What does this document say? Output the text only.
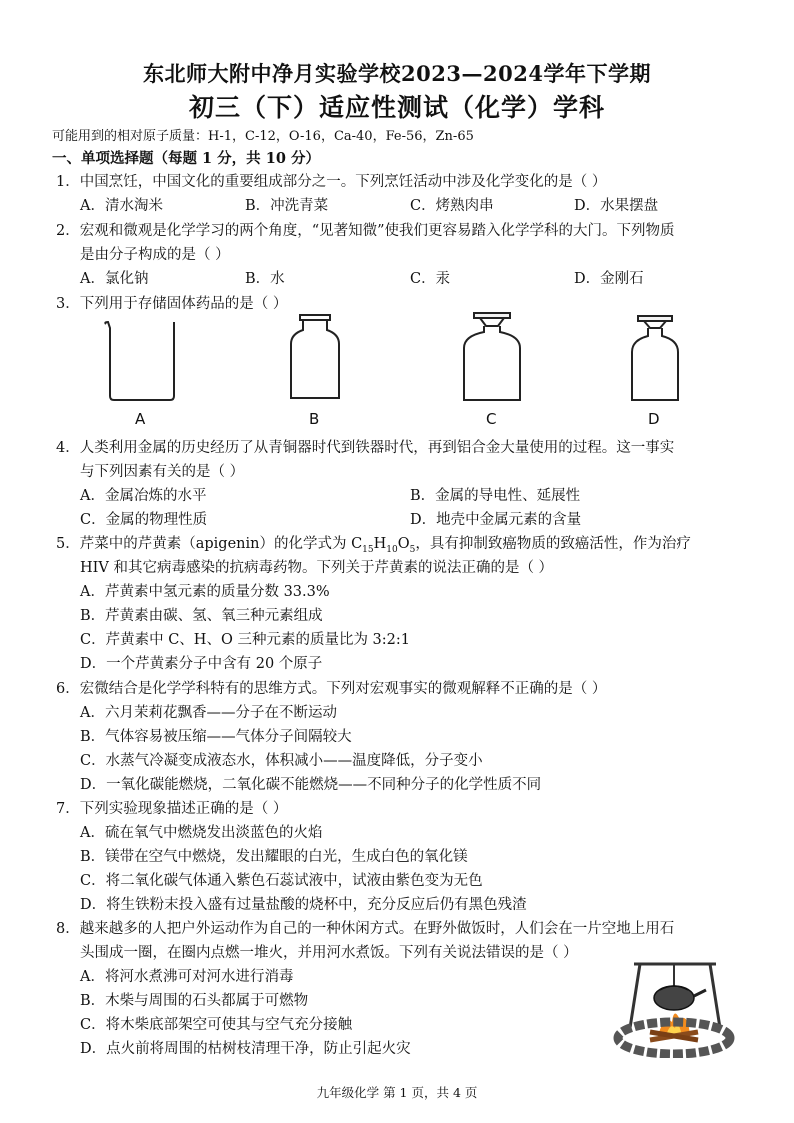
东北师大附中净月实验学校2023—2024学年下学期
初三（下）适应性测试（化学）学科
可能用到的相对原子质量：H-1，C-12，O-16，Ca-40，Fe-56，Zn-65
一、单项选择题（每题 1 分，共 10 分）
1．中国烹饪，中国文化的重要组成部分之一。下列烹饪活动中涉及化学变化的是（ ）
A．清水淘米	B．冲洗青菜	C．烤熟肉串	D．水果摆盘
2．宏观和微观是化学学习的两个角度，“见著知微”使我们更容易踏入化学学科的大门。下列物质
是由分子构成的是（ ）
A．氯化钠	B．水	C．汞	D．金刚石
3．下列用于存储固体药品的是（ ）
A	B	C	D
4．人类利用金属的历史经历了从青铜器时代到铁器时代，再到铝合金大量使用的过程。这一事实
与下列因素有关的是（ ）
A．金属冶炼的水平	B．金属的导电性、延展性
C．金属的物理性质	D．地壳中金属元素的含量
5．芹菜中的芹黄素（apigenin）的化学式为 $C_{15}H_{10}O_5$，具有抑制致癌物质的致癌活性，作为治疗
HIV 和其它病毒感染的抗病毒药物。下列关于芹黄素的说法正确的是（ ）
A．芹黄素中氢元素的质量分数 33.3%
B．芹黄素由碳、氢、氧三种元素组成
C．芹黄素中 C、H、O 三种元素的质量比为 3:2:1
D．一个芹黄素分子中含有 20 个原子
6．宏微结合是化学学科特有的思维方式。下列对宏观事实的微观解释不正确的是（ ）
A．六月茉莉花飘香——分子在不断运动
B．气体容易被压缩——气体分子间隔较大
C．水蒸气冷凝变成液态水，体积减小——温度降低，分子变小
D．一氧化碳能燃烧，二氧化碳不能燃烧——不同种分子的化学性质不同
7．下列实验现象描述正确的是（ ）
A．硫在氧气中燃烧发出淡蓝色的火焰
B．镁带在空气中燃烧，发出耀眼的白光，生成白色的氧化镁
C．将二氧化碳气体通入紫色石蕊试液中，试液由紫色变为无色
D．将生铁粉末投入盛有过量盐酸的烧杯中，充分反应后仍有黑色残渣
8．越来越多的人把户外运动作为自己的一种休闲方式。在野外做饭时，人们会在一片空地上用石
头围成一圈，在圈内点燃一堆火，并用河水煮饭。下列有关说法错误的是（ ）
A．将河水煮沸可对河水进行消毒
B．木柴与周围的石头都属于可燃物
C．将木柴底部架空可使其与空气充分接触
D．点火前将周围的枯树枝清理干净，防止引起火灾
九年级化学 第 1 页，共 4 页
